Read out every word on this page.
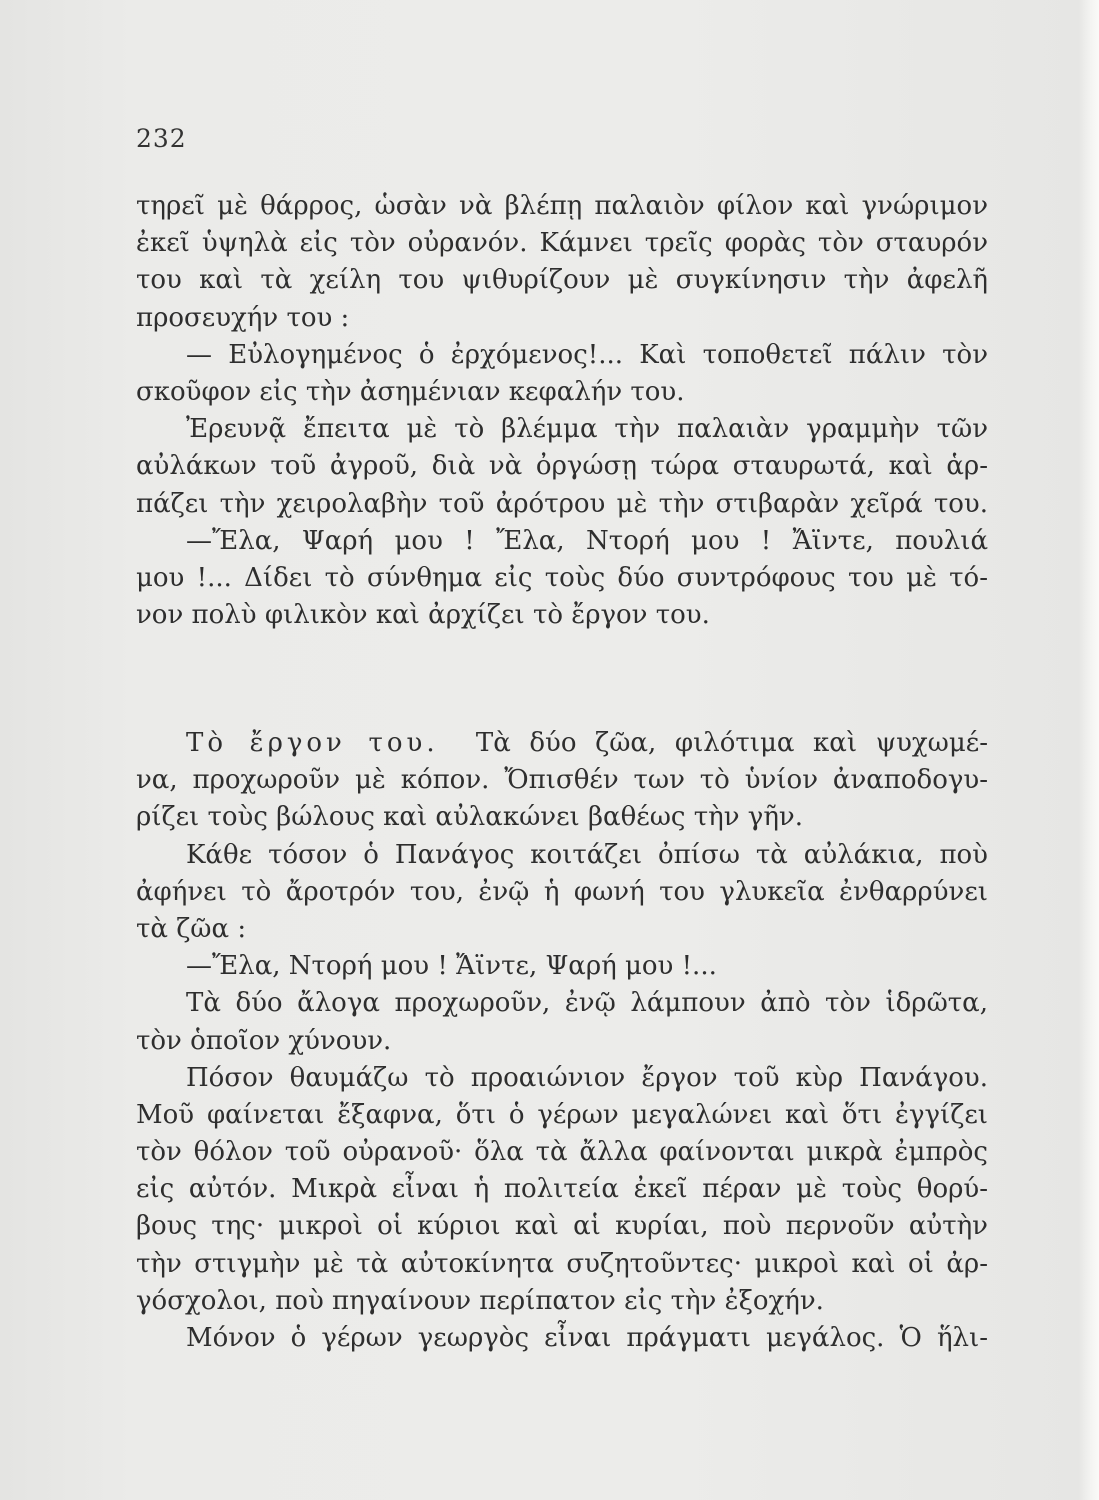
232
τηρεῖ μὲ θάρρος, ὡσὰν νὰ βλέπῃ παλαιὸν φίλον καὶ γνώριμον
ἐκεῖ ὑψηλὰ εἰς τὸν οὐρανόν. Κάμνει τρεῖς φορὰς τὸν σταυρόν
του καὶ τὰ χείλη του ψιθυρίζουν μὲ συγκίνησιν τὴν ἀφελῆ
προσευχήν του :
— Εὐλογημένος ὁ ἐρχόμενος!... Καὶ τοποθετεῖ πάλιν τὸν
σκοῦφον εἰς τὴν ἀσημένιαν κεφαλήν του.
Ἐρευνᾷ ἔπειτα μὲ τὸ βλέμμα τὴν παλαιὰν γραμμὴν τῶν
αὐλάκων τοῦ ἀγροῦ, διὰ νὰ ὀργώσῃ τώρα σταυρωτά, καὶ ἁρ-
πάζει τὴν χειρολαβὴν τοῦ ἀρότρου μὲ τὴν στιβαρὰν χεῖρά του.
—Ἔλα, Ψαρή μου ! Ἔλα, Ντορή μου ! Ἄϊντε, πουλιά
μου !... Δίδει τὸ σύνθημα εἰς τοὺς δύο συντρόφους του μὲ τό-
νον πολὺ φιλικὸν καὶ ἀρχίζει τὸ ἔργον του.
Τὸ ἔργον του. Τὰ δύο ζῶα, φιλότιμα καὶ ψυχωμέ-
να, προχωροῦν μὲ κόπον. Ὄπισθέν των τὸ ὑνίον ἀναποδογυ-
ρίζει τοὺς βώλους καὶ αὐλακώνει βαθέως τὴν γῆν.
Κάθε τόσον ὁ Πανάγος κοιτάζει ὀπίσω τὰ αὐλάκια, ποὺ
ἀφήνει τὸ ἄροτρόν του, ἐνῷ ἡ φωνή του γλυκεῖα ἐνθαρρύνει
τὰ ζῶα :
—Ἔλα, Ντορή μου ! Ἄϊντε, Ψαρή μου !...
Τὰ δύο ἄλογα προχωροῦν, ἐνῷ λάμπουν ἀπὸ τὸν ἱδρῶτα,
τὸν ὁποῖον χύνουν.
Πόσον θαυμάζω τὸ προαιώνιον ἔργον τοῦ κὺρ Πανάγου.
Μοῦ φαίνεται ἔξαφνα, ὅτι ὁ γέρων μεγαλώνει καὶ ὅτι ἐγγίζει
τὸν θόλον τοῦ οὐρανοῦ· ὅλα τὰ ἄλλα φαίνονται μικρὰ ἐμπρὸς
εἰς αὐτόν. Μικρὰ εἶναι ἡ πολιτεία ἐκεῖ πέραν μὲ τοὺς θορύ-
βους της· μικροὶ οἱ κύριοι καὶ αἱ κυρίαι, ποὺ περνοῦν αὐτὴν
τὴν στιγμὴν μὲ τὰ αὐτοκίνητα συζητοῦντες· μικροὶ καὶ οἱ ἀρ-
γόσχολοι, ποὺ πηγαίνουν περίπατον εἰς τὴν ἐξοχήν.
Μόνον ὁ γέρων γεωργὸς εἶναι πράγματι μεγάλος. Ὁ ἥλι-
